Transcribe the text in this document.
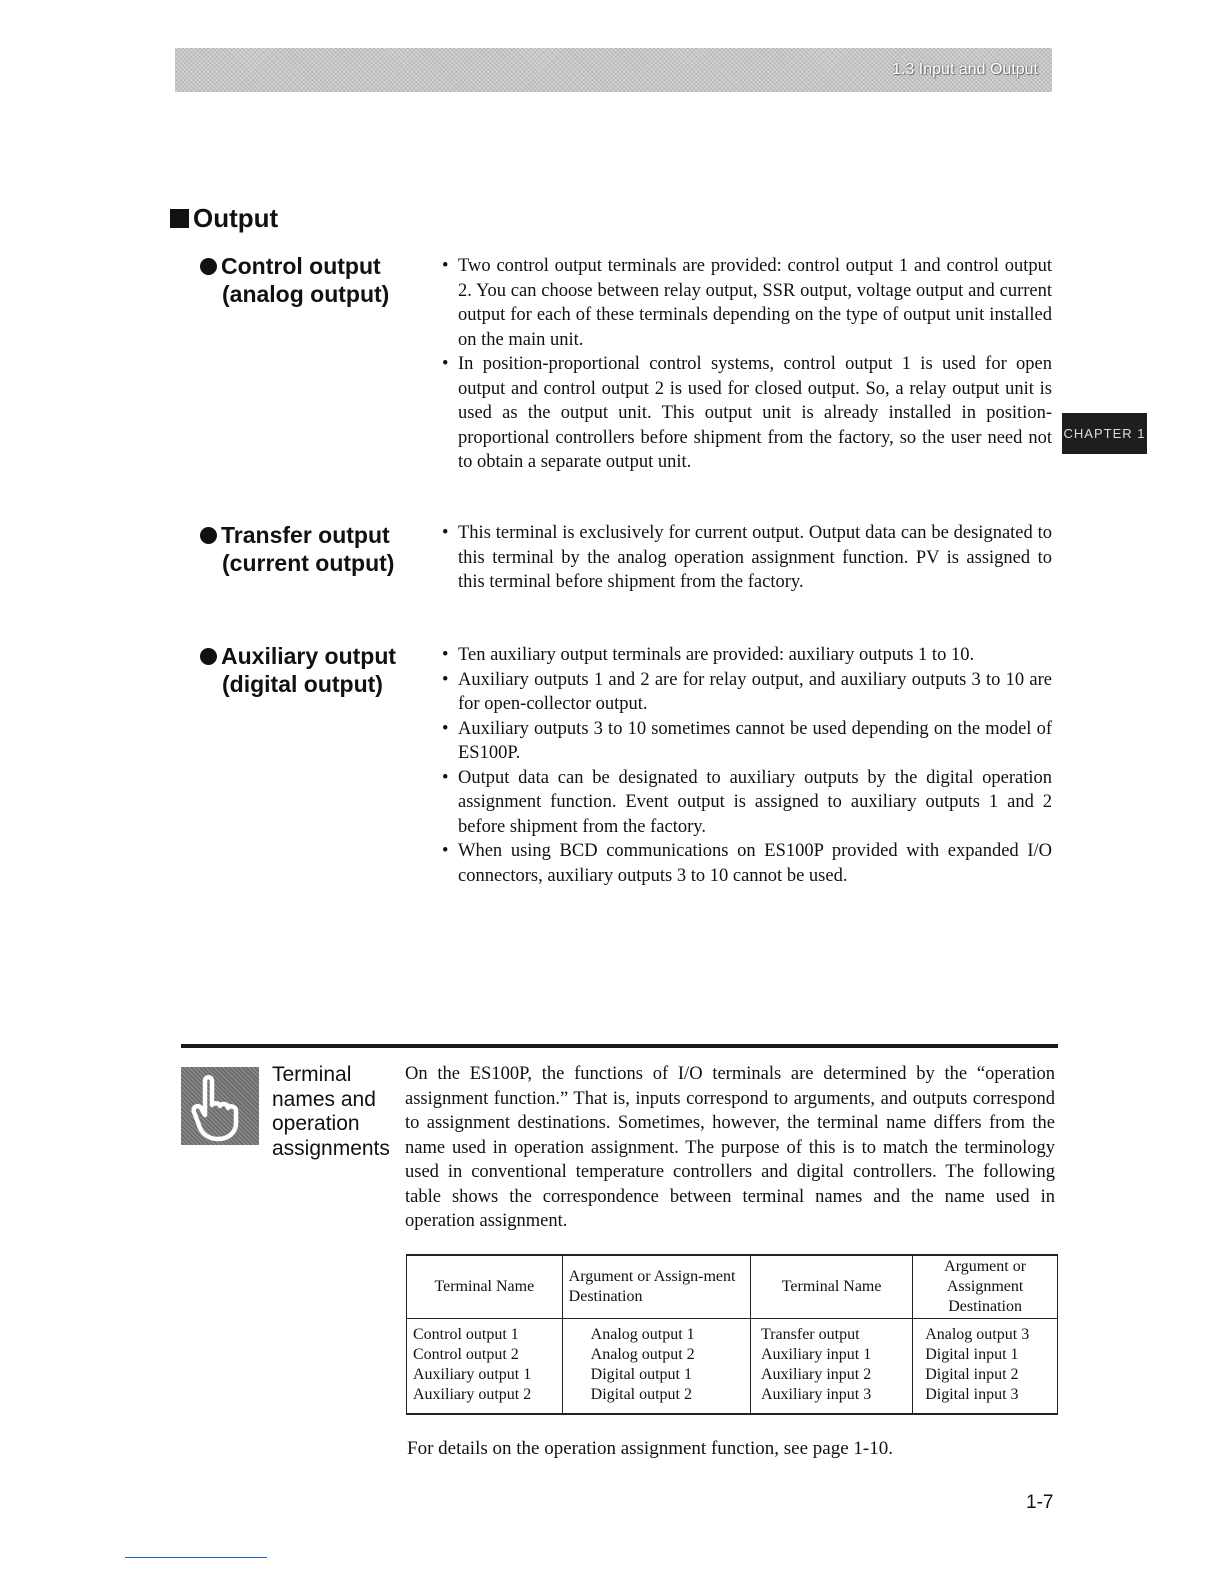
1.3 Input and Output
Output
Control output
(analog output)
• Two control output terminals are provided: control output 1 and control output 2. You can choose between relay output, SSR output, voltage output and current output for each of these terminals depending on the type of output unit installed on the main unit.
• In position-proportional control systems, control output 1 is used for open output and control output 2 is used for closed output. So, a relay output unit is used as the output unit. This output unit is already installed in position-proportional controllers before shipment from the factory, so the user need not to obtain a separate output unit.
CHAPTER 1
Transfer output
(current output)
• This terminal is exclusively for current output. Output data can be designated to this terminal by the analog operation assignment function. PV is assigned to this terminal before shipment from the factory.
Auxiliary output
(digital output)
• Ten auxiliary output terminals are provided: auxiliary outputs 1 to 10.
• Auxiliary outputs 1 and 2 are for relay output, and auxiliary outputs 3 to 10 are for open-collector output.
• Auxiliary outputs 3 to 10 sometimes cannot be used depending on the model of ES100P.
• Output data can be designated to auxiliary outputs by the digital operation assignment function. Event output is assigned to auxiliary outputs 1 and 2 before shipment from the factory.
• When using BCD communications on ES100P provided with expanded I/O connectors, auxiliary outputs 3 to 10 cannot be used.

Terminal
names and
operation
assignments

On the ES100P, the functions of I/O terminals are determined by the “operation assignment function.” That is, inputs correspond to arguments, and outputs correspond to assignment destinations. Sometimes, however, the terminal name differs from the name used in operation assignment. The purpose of this is to match the terminology used in conventional temperature controllers and digital controllers. The following table shows the correspondence between terminal names and the name used in operation assignment.

Terminal Name	Argument or Assign-ment Destination	Terminal Name	Argument or Assignment Destination
Control output 1	Analog output 1	Transfer output	Analog output 3
Control output 2	Analog output 2	Auxiliary input 1	Digital input 1
Auxiliary output 1	Digital output 1	Auxiliary input 2	Digital input 2
Auxiliary output 2	Digital output 2	Auxiliary input 3	Digital input 3

For details on the operation assignment function, see page 1-10.

1-7
